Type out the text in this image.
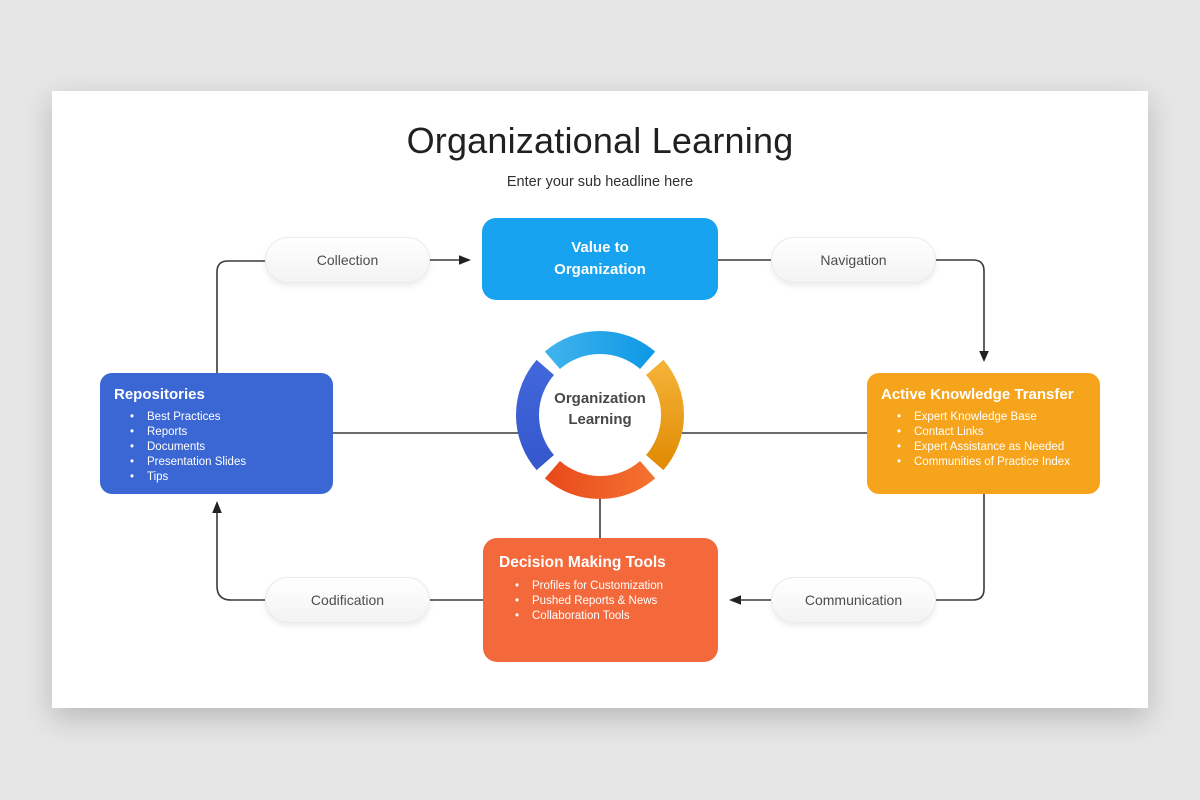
Organizational Learning
Enter your sub headline here
Organization Learning
Collection	Navigation
Codification	Communication
Value to Organization
Repositories
• Best Practices
• Reports
• Documents
• Presentation Slides
• Tips
Active Knowledge Transfer
• Expert Knowledge Base
• Contact Links
• Expert Assistance as Needed
• Communities of Practice Index
Decision Making Tools
• Profiles for Customization
• Pushed Reports & News
• Collaboration Tools
